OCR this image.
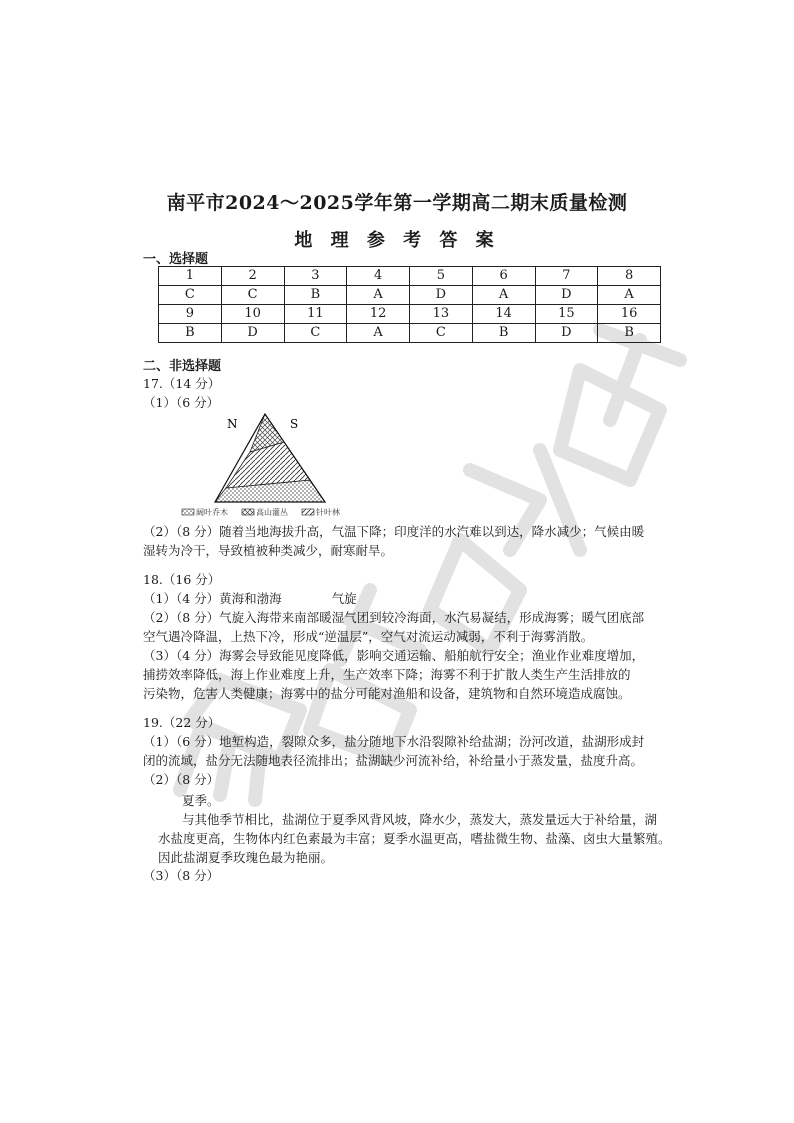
南平市2024～2025学年第一学期高二期末质量检测
地 理 参 考 答 案
一、选择题
1	2	3	4	5	6	7	8
C	C	B	A	D	A	D	A
9	10	11	12	13	14	15	16
B	D	C	A	C	B	D	B
二、非选择题
17.（14 分）
（1）（6 分）
N	S
阔叶乔木	高山灌丛	针叶林
（2）（8 分）随着当地海拔升高，气温下降；印度洋的水汽难以到达，降水减少；气候由暖
湿转为冷干，导致植被种类减少，耐寒耐旱。
18.（16 分）
（1）（4 分）黄海和渤海	气旋
（2）（8 分）气旋入海带来南部暖湿气团到较冷海面，水汽易凝结，形成海雾；暖气团底部
空气遇冷降温，上热下冷，形成“逆温层”，空气对流运动减弱，不利于海雾消散。
（3）（4 分）海雾会导致能见度降低，影响交通运输、船舶航行安全；渔业作业难度增加，
捕捞效率降低，海上作业难度上升，生产效率下降；海雾不利于扩散人类生产生活排放的
污染物，危害人类健康；海雾中的盐分可能对渔船和设备，建筑物和自然环境造成腐蚀。
19.（22 分）
（1）（6 分）地堑构造，裂隙众多，盐分随地下水沿裂隙补给盐湖；汾河改道，盐湖形成封
闭的流域，盐分无法随地表径流排出；盐湖缺少河流补给，补给量小于蒸发量，盐度升高。
（2）（8 分）
夏季。
与其他季节相比，盐湖位于夏季风背风坡，降水少，蒸发大，蒸发量远大于补给量，湖
水盐度更高，生物体内红色素最为丰富；夏季水温更高，嗜盐微生物、盐藻、卤虫大量繁殖。
因此盐湖夏季玫瑰色最为艳丽。
（3）（8 分）
